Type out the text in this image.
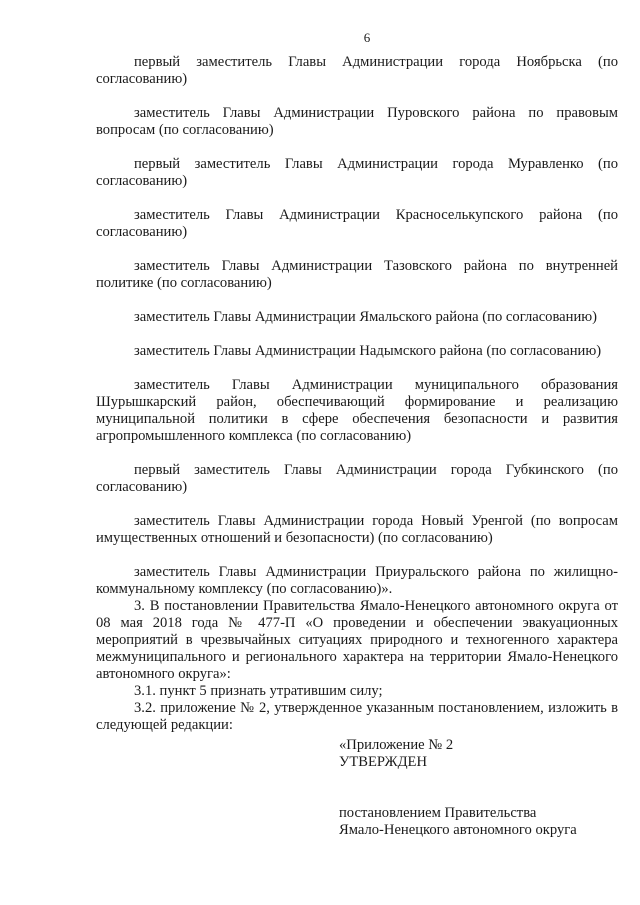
6

первый заместитель Главы Администрации города Ноябрьска (по согласованию)

заместитель Главы Администрации Пуровского района по правовым вопросам (по согласованию)

первый заместитель Главы Администрации города Муравленко (по согласованию)

заместитель Главы Администрации Красноселькупского района (по согласованию)

заместитель Главы Администрации Тазовского района по внутренней политике (по согласованию)

заместитель Главы Администрации Ямальского района (по согласованию)

заместитель Главы Администрации Надымского района (по согласованию)

заместитель Главы Администрации муниципального образования Шурышкарский район, обеспечивающий формирование и реализацию муниципальной политики в сфере обеспечения безопасности и развития агропромышленного комплекса (по согласованию)

первый заместитель Главы Администрации города Губкинского (по согласованию)

заместитель Главы Администрации города Новый Уренгой (по вопросам имущественных отношений и безопасности) (по согласованию)

заместитель Главы Администрации Приуральского района по жилищно-коммунальному комплексу (по согласованию)».

3. В постановлении Правительства Ямало-Ненецкого автономного округа от 08 мая 2018 года № 477-П «О проведении и обеспечении эвакуационных мероприятий в чрезвычайных ситуациях природного и техногенного характера межмуниципального и регионального характера на территории Ямало-Ненецкого автономного округа»:

3.1. пункт 5 признать утратившим силу;

3.2. приложение № 2, утвержденное указанным постановлением, изложить в следующей редакции:

«Приложение № 2
УТВЕРЖДЕН
постановлением Правительства
Ямало-Ненецкого автономного округа
